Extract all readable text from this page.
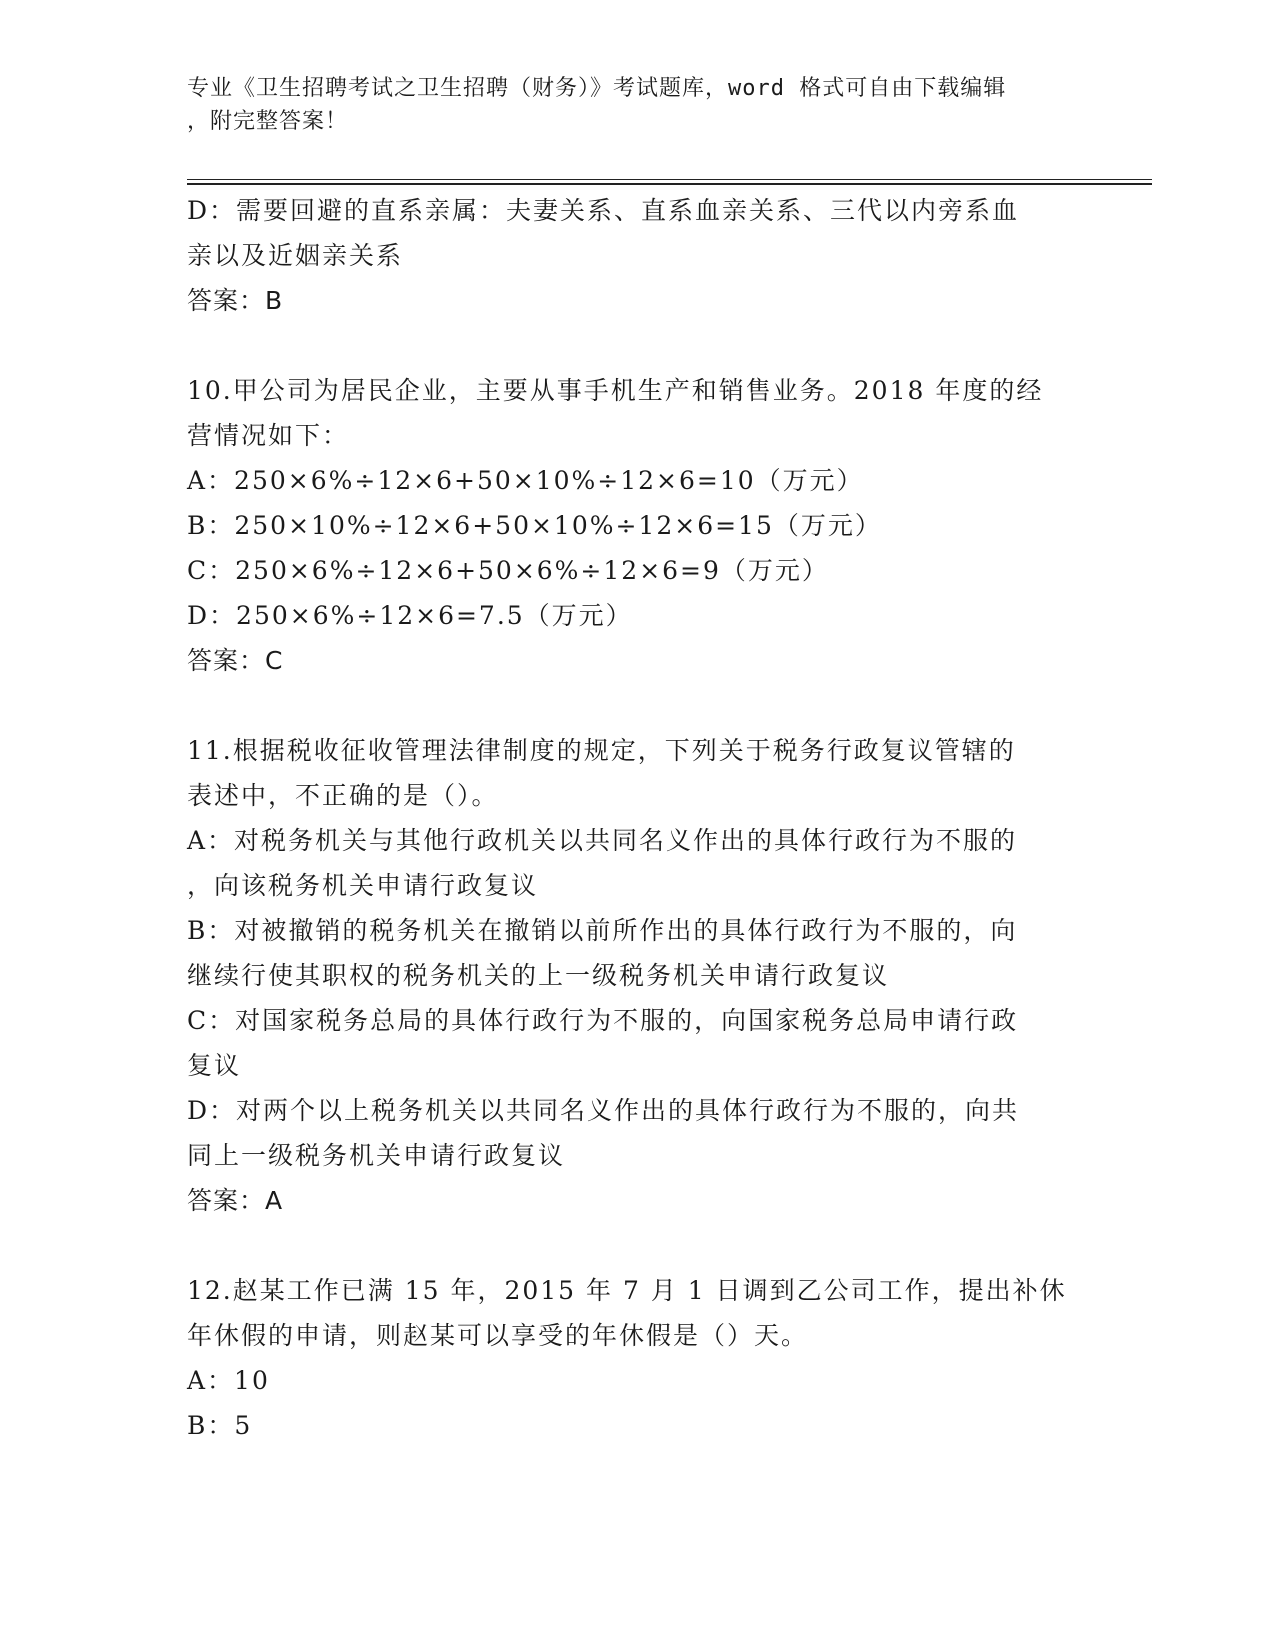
专业《卫生招聘考试之卫生招聘（财务）》考试题库，word 格式可自由下载编辑
，附完整答案！
D：需要回避的直系亲属：夫妻关系、直系血亲关系、三代以内旁系血
亲以及近姻亲关系
答案：B
10.甲公司为居民企业，主要从事手机生产和销售业务。2018 年度的经
营情况如下：
A：250×6%÷12×6+50×10%÷12×6=10（万元）
B：250×10%÷12×6+50×10%÷12×6=15（万元）
C：250×6%÷12×6+50×6%÷12×6=9（万元）
D：250×6%÷12×6=7.5（万元）
答案：C
11.根据税收征收管理法律制度的规定，下列关于税务行政复议管辖的
表述中，不正确的是（）。
A：对税务机关与其他行政机关以共同名义作出的具体行政行为不服的
，向该税务机关申请行政复议
B：对被撤销的税务机关在撤销以前所作出的具体行政行为不服的，向
继续行使其职权的税务机关的上一级税务机关申请行政复议
C：对国家税务总局的具体行政行为不服的，向国家税务总局申请行政
复议
D：对两个以上税务机关以共同名义作出的具体行政行为不服的，向共
同上一级税务机关申请行政复议
答案：A
12.赵某工作已满 15 年，2015 年 7 月 1 日调到乙公司工作，提出补休
年休假的申请，则赵某可以享受的年休假是（）天。
A：10
B：5
